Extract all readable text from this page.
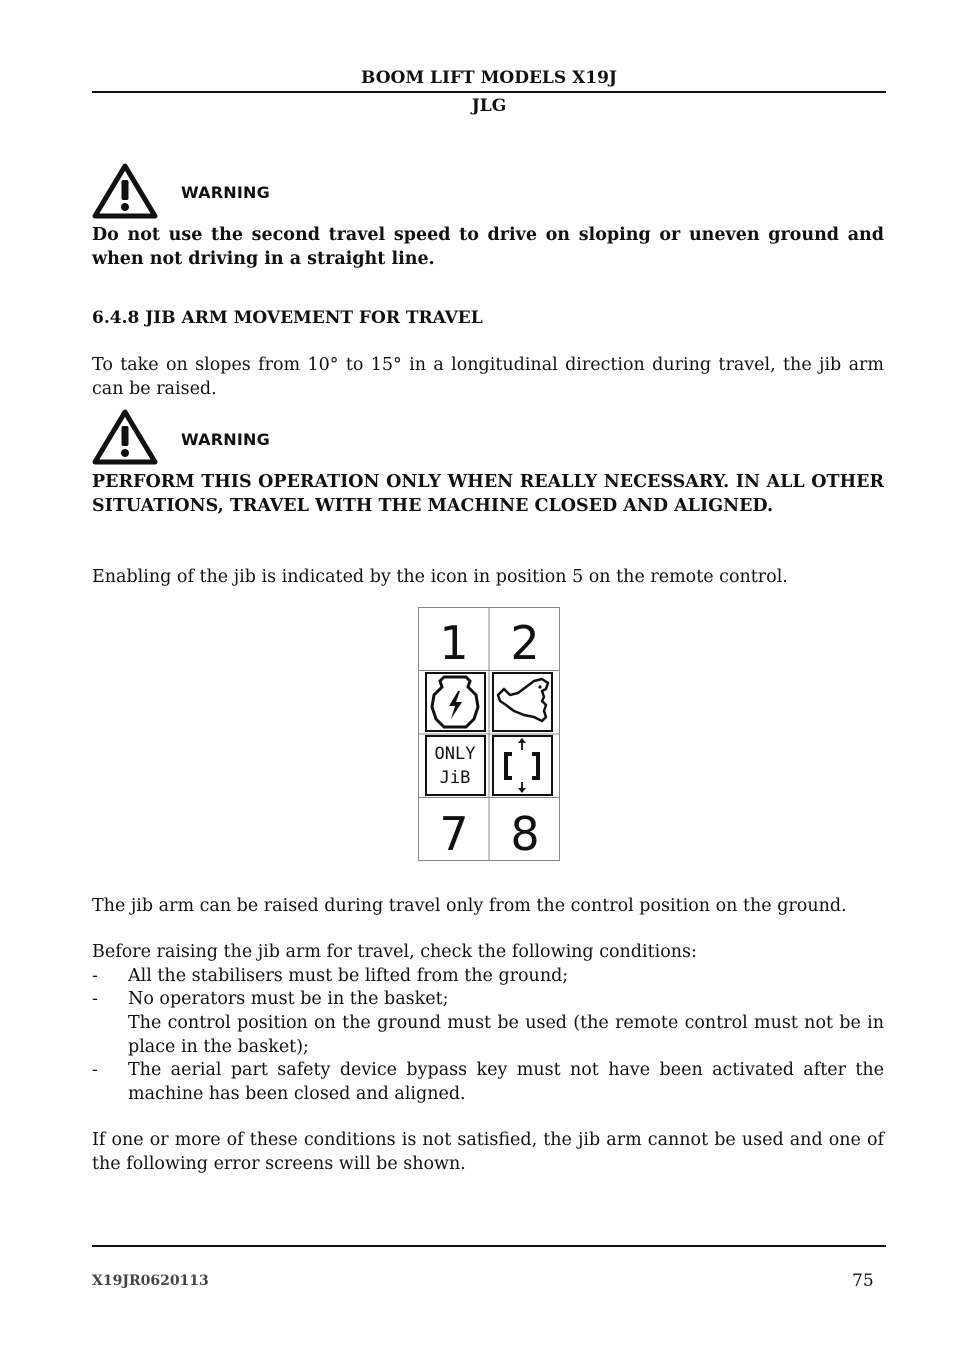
BOOM LIFT MODELS X19J
JLG
WARNING
Do not use the second travel speed to drive on sloping or uneven ground and when not driving in a straight line.
6.4.8 JIB ARM MOVEMENT FOR TRAVEL
To take on slopes from 10° to 15° in a longitudinal direction during travel, the jib arm can be raised.
WARNING
PERFORM THIS OPERATION ONLY WHEN REALLY NECESSARY. IN ALL OTHER SITUATIONS, TRAVEL WITH THE MACHINE CLOSED AND ALIGNED.
Enabling of the jib is indicated by the icon in position 5 on the remote control.
1 2
ONLY
JiB
7 8
The jib arm can be raised during travel only from the control position on the ground.
Before raising the jib arm for travel, check the following conditions:
- All the stabilisers must be lifted from the ground;
- No operators must be in the basket;
The control position on the ground must be used (the remote control must not be in place in the basket);
- The aerial part safety device bypass key must not have been activated after the machine has been closed and aligned.
If one or more of these conditions is not satisfied, the jib arm cannot be used and one of the following error screens will be shown.
X19JR0620113	75
